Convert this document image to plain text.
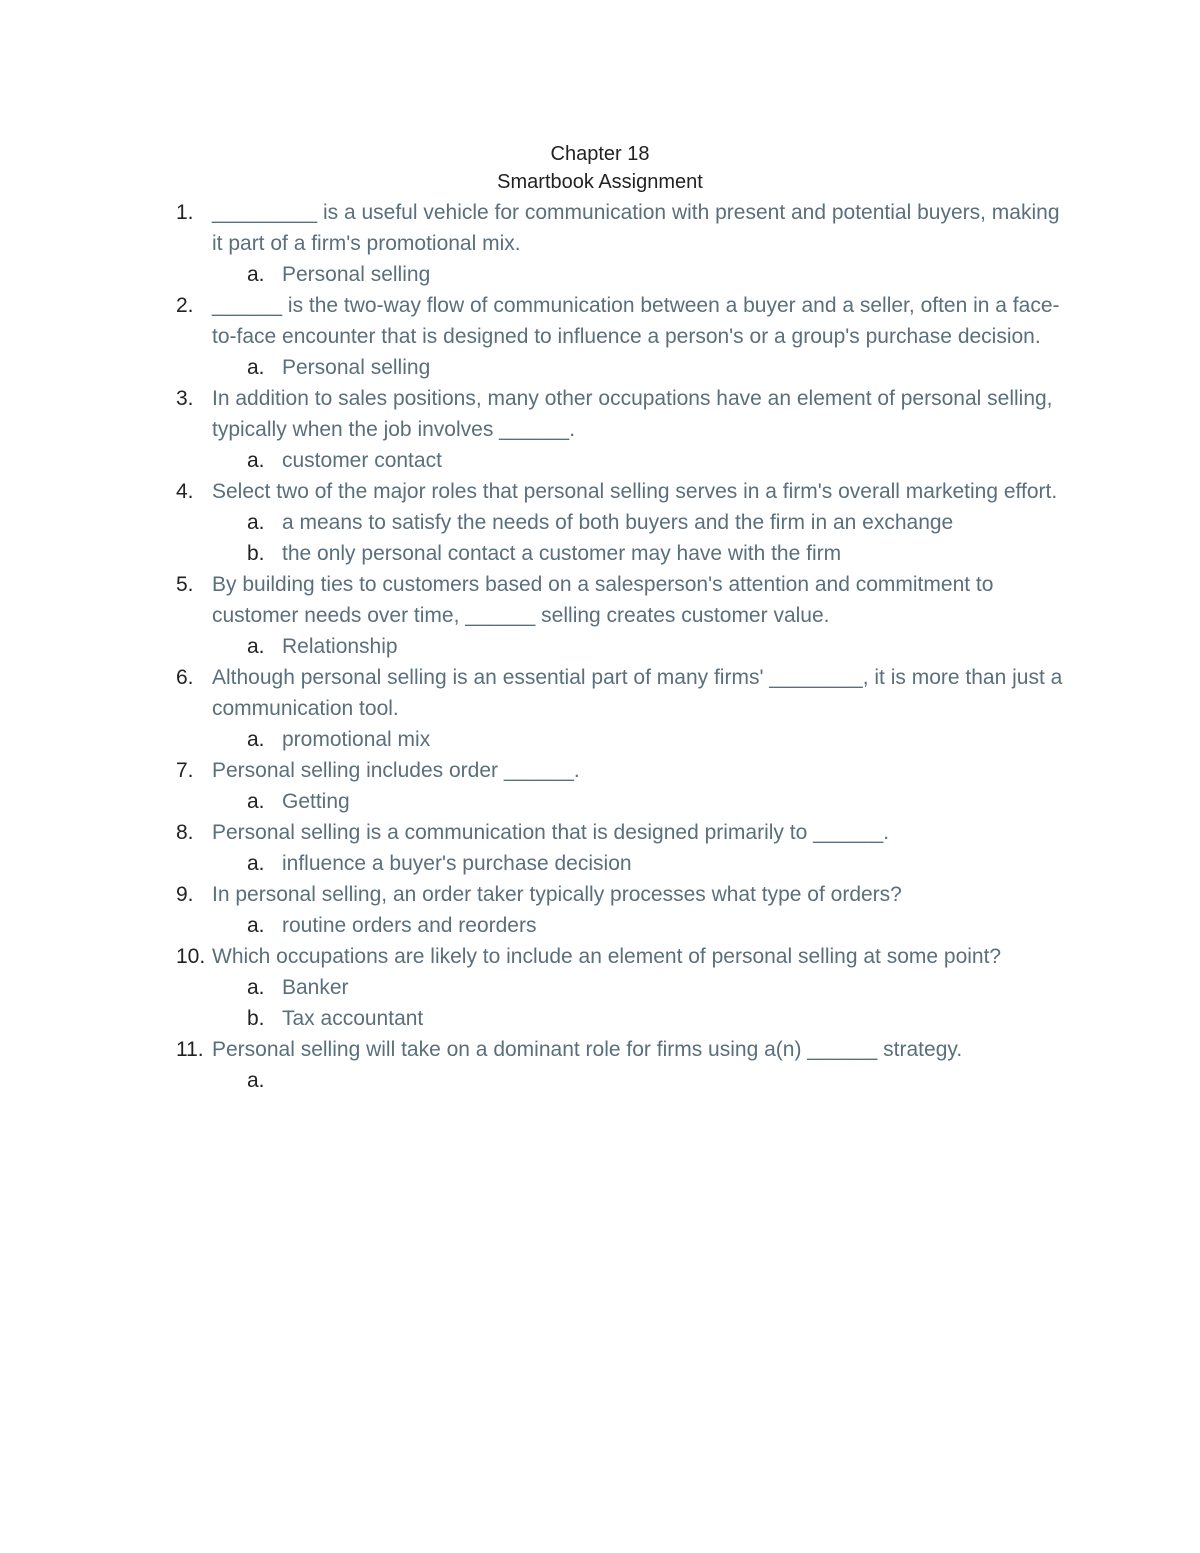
Chapter 18
Smartbook Assignment
1. _________ is a useful vehicle for communication with present and potential buyers, making it part of a firm's promotional mix.
a. Personal selling
2. ______ is the two-way flow of communication between a buyer and a seller, often in a face-to-face encounter that is designed to influence a person's or a group's purchase decision.
a. Personal selling
3. In addition to sales positions, many other occupations have an element of personal selling, typically when the job involves ______.
a. customer contact
4. Select two of the major roles that personal selling serves in a firm's overall marketing effort.
a. a means to satisfy the needs of both buyers and the firm in an exchange
b. the only personal contact a customer may have with the firm
5. By building ties to customers based on a salesperson's attention and commitment to customer needs over time, ______ selling creates customer value.
a. Relationship
6. Although personal selling is an essential part of many firms' ________, it is more than just a communication tool.
a. promotional mix
7. Personal selling includes order ______.
a. Getting
8. Personal selling is a communication that is designed primarily to ______.
a. influence a buyer's purchase decision
9. In personal selling, an order taker typically processes what type of orders?
a. routine orders and reorders
10. Which occupations are likely to include an element of personal selling at some point?
a. Banker
b. Tax accountant
11. Personal selling will take on a dominant role for firms using a(n) ______ strategy.
a.
